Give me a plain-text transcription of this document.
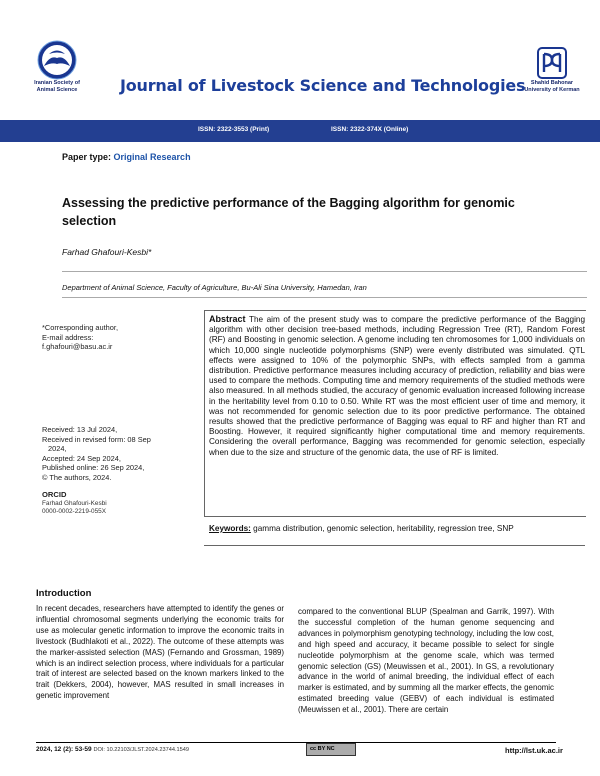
Iranian Society of
Animal Science	Journal of Livestock Science and Technologies	Shahid Bahonar
University of Kerman
ISSN: 2322-3553 (Print)	ISSN: 2322-374X (Online)
Paper type: Original Research
Assessing the predictive performance of the Bagging algorithm for genomic selection
Farhad Ghafouri-Kesbi*
Department of Animal Science, Faculty of Agriculture, Bu-Ali Sina University, Hamedan, Iran
*Corresponding author,
E-mail address:
f.ghafouri@basu.ac.ir
Received: 13 Jul 2024,
Received in revised form: 08 Sep
2024,
Accepted: 24 Sep 2024,
Published online: 26 Sep 2024,
© The authors, 2024.
ORCID
Farhad Ghafouri-Kesbi
0000-0002-2219-055X
Abstract The aim of the present study was to compare the predictive performance of the Bagging algorithm with other decision tree-based methods, including Regression Tree (RT), Random Forest (RF) and Boosting in genomic selection. A genome including ten chromosomes for 1,000 individuals on which 10,000 single nucleotide polymorphisms (SNP) were evenly distributed was simulated. QTL effects were assigned to 10% of the polymorphic SNPs, with effects sampled from a gamma distribution. Predictive performance measures including accuracy of prediction, reliability and bias were used to compare the methods. Computing time and memory requirements of the studied methods were also measured. In all methods studied, the accuracy of genomic evaluation increased following increase in the heritability level from 0.10 to 0.50. While RT was the most efficient user of time and memory, it was not recommended for genomic selection due to its poor predictive performance. The obtained results showed that the predictive performance of Bagging was equal to RF and higher than RT and Boosting. However, it required significantly higher computational time and memory requirements. Considering the overall performance, Bagging was recommended for genomic selection, especially when due to the size and structure of the genomic data, the use of RF is limited.
Keywords: gamma distribution, genomic selection, heritability, regression tree, SNP
Introduction
In recent decades, researchers have attempted to identify the genes or influential chromosomal segments underlying the economic traits for use as molecular genetic information to improve the economic traits in livestock (Budhlakoti et al., 2022). The outcome of these attempts was the marker-assisted selection (MAS) (Fernando and Grossman, 1989) which is an indirect selection process, where individuals for a particular trait of interest are selected based on the known markers linked to the trait (Dekkers, 2004), however, MAS resulted in small increases in genetic improvement
compared to the conventional BLUP (Spealman and Garrik, 1997). With the successful completion of the human genome sequencing and advances in polymorphism genotyping technology, including the low cost, and high speed and accuracy, it became possible to select for single nucleotide polymorphism at the genome scale, which was termed genomic selection (GS) (Meuwissen et al., 2001). In GS, a revolutionary advance in the world of animal breeding, the individual effect of each marker is estimated, and by summing all the marker effects, the genomic estimated breeding value (GEBV) of each individual is estimated (Meuwissen et al., 2001). There are certain
2024, 12 (2): 53-59 DOI: 10.22103/JLST.2024.23744.1549	cc BY NC	http://lst.uk.ac.ir
